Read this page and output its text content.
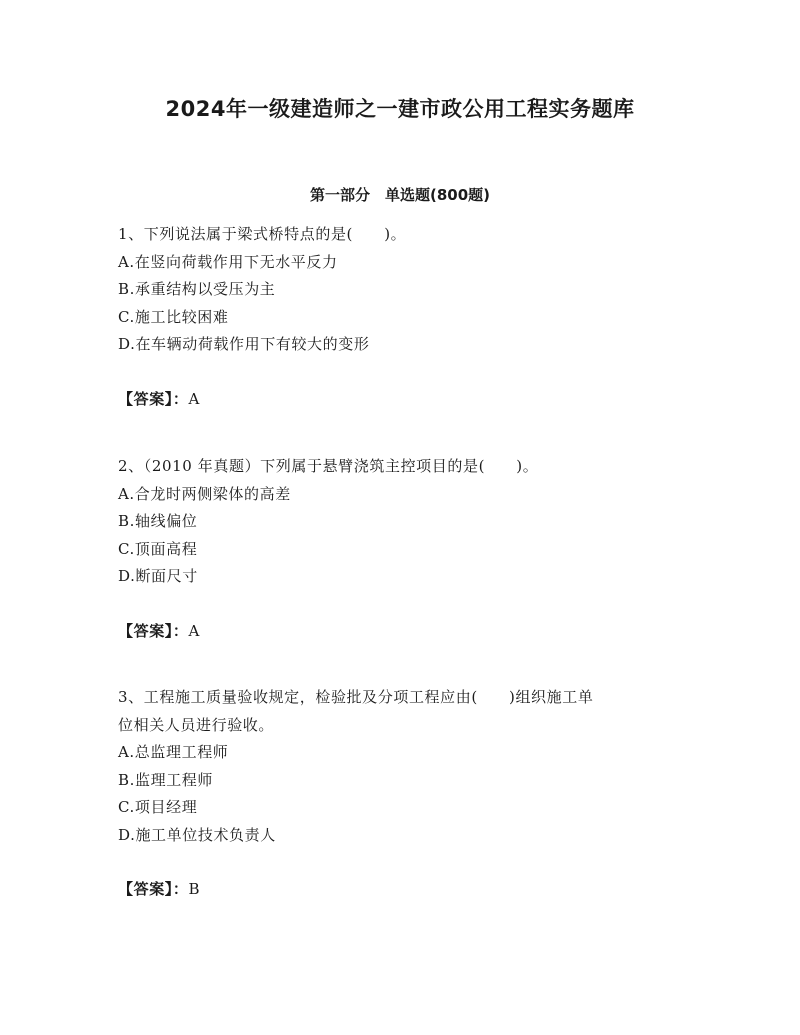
2024年一级建造师之一建市政公用工程实务题库
第一部分　单选题(800题)
1、下列说法属于梁式桥特点的是(　　)。
A.在竖向荷载作用下无水平反力
B.承重结构以受压为主
C.施工比较困难
D.在车辆动荷载作用下有较大的变形
【答案】：A
2、（2010 年真题）下列属于悬臂浇筑主控项目的是(　　)。
A.合龙时两侧梁体的高差
B.轴线偏位
C.顶面高程
D.断面尺寸
【答案】：A
3、工程施工质量验收规定，检验批及分项工程应由(　　)组织施工单
位相关人员进行验收。
A.总监理工程师
B.监理工程师
C.项目经理
D.施工单位技术负责人
【答案】：B
